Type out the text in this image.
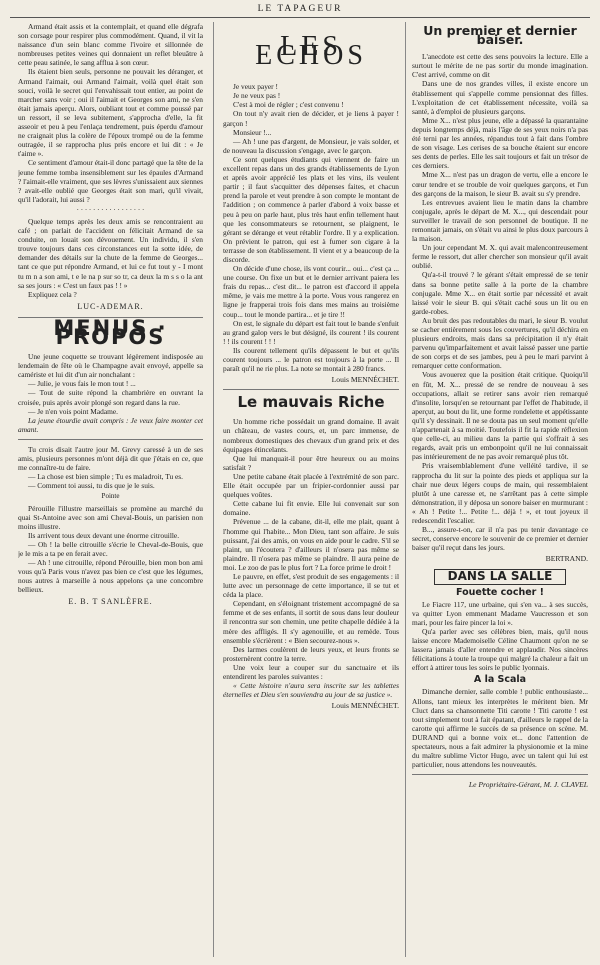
LE TAPAGEUR

Armand était assis et la contemplait, et quand elle dégrafa son corsage pour respirer plus commodément. Quand, il vit la naissance d'un sein blanc comme l'ivoire et sillonnée de nombreuses petites veines qui donnaient un reflet bleuâtre à cette peau satinée, le sang afflua à son cœur.

Ils étaient bien seuls, personne ne pouvait les déranger, et Armand l'aimait, oui Armand l'aimait, voilà quel était son souci, voilà le secret qui l'envahissait tout entier, au point de marcher sans voir ; oui il l'aimait et Georges son ami, ne s'en était jamais aperçu. Alors, oubliant tout et comme poussé par un ressort, il se leva subitement, s'approcha d'elle, la fit asseoir et peu à peu l'enlaça tendrement, puis éperdu d'amour ne craignait plus la colère de l'époux trompé ou de la femme outragée, il se rapprocha plus près encore et lui dit : « Je t'aime ».

Ce sentiment d'amour était-il donc partagé que la tête de la jeune femme tomba insensiblement sur les épaules d'Armand ? l'aimait-elle vraiment, que ses lèvres s'unissaient aux siennes ? avait-elle oublié que Georges était son mari, qu'il vivait, qu'il l'adorait, lui aussi ?

· · · · · · · · · · · · · · · · ·

Quelque temps après les deux amis se rencontraient au café ; on parlait de l'accident on félicitait Armand de sa conduite, on louait son dévouement. Un individu, il s'en trouve toujours dans ces circonstances eut la sotte idée, de demander des détails sur la chute de la femme de Georges... tant ce que put répondre Armand, et lui ce fut tout y - I mont tu m n a son ami, t e le na p sur so tr, ca deux la m s s o la ant sa ses jours : « C'est un faux pas ! ! »

Expliquez cela ?

LUC-ADEMAR.
MENUS · PROPOS

Une jeune coquette se trouvant légèrement indisposée au lendemain de fête où le Champagne avait envoyé, appelle sa camériste et lui dit d'un air nonchalant :

— Julie, je vous fais le mon tout ! ...

— Tout de suite répond la chambrière en ouvrant la croisée, puis après avoir plongé son regard dans la rue.

— Je n'en vois point Madame.

La jeune étourdie avait compris : Je veux faire monter cet amant.

Tu crois disait l'autre jour M. Grevy caressé à un de ses amis, plusieurs personnes m'ont déjà dit que j'étais en ce, que me connaître-tu de faire.

— La chose est bien simple ; Tu es maladroit, Tu es.

— Comment toi aussi, tu dis que je le suis.

Pointe

Pérouille l'illustre marseillais se promène au marché du quai St-Antoine avec son ami Cheval-Bouis, un parisien non moins illustre.

Ils arrivent tous deux devant une énorme citrouille.

— Oh ! la belle citrouille s'écrie le Cheval-de-Bouis, que je le mis a ta pe en ferait avec.

— Ah ! une citrouille, répond Pérouille, bien mon bon ami vous qu'à Paris vous n'avez pas bien ce c'est que les légumes, nous autres à marseille à nous appelons ça une concombre bellieux.

E. B. T SANLÈFRE.
LES ECHOS

Je veux payer !

Je ne veux pas !

C'est à moi de régler ; c'est convenu !

On tout n'y avait rien de décider, et je liens à payer ! garçon !

Monsieur !...

— Ah ! une pas d'argent, de Monsieur, je vais solder, et de nouveau la discussion s'engage, avec le garçon.

Ce sont quelques étudiants qui viennent de faire un excellent repas dans un des grands établissements de Lyon et après avoir apprécié les plats et les vins, ils veulent partir ; il faut s'acquitter des dépenses faites, et chacun prend la parole et veut prendre à son compte le montant de l'addition ; on commence à parler d'abord à voix basse et peu à peu on parle haut, plus très haut enfin tellement haut que les consommateurs se retournent, se plaignent, le gérant se dérange et veut rétablir l'ordre. Il y a explication. On prévient le patron, qui est à fumer son cigare à la terrasse de son établissement. Il vient et y a beaucoup de la discorde.

On décide d'une chose, ils vont courir... oui... c'est ça ... une course. On fixe un but et le dernier arrivant paiera les frais du repas... c'est dit... le patron est d'accord il appela même, je vais me mettre à la porte. Vous vous rangerez en ligne je frapperai trois fois dans mes mains au troisième coup... tout le monde partira... et je tire !!

On est, le signale du départ est fait tout le bande s'enfuit au grand galop vers le but désigné, ils courent ! ils courent ! ! ils courent ! ! !

Ils courent tellement qu'ils dépassent le but et qu'ils courent toujours ... le patron est toujours à la porte ... Il paraît qu'il ne rie plus. La note se montait à 280 francs.

Louis MENNÉCHET.
Le mauvais Riche

Un homme riche possédait un grand domaine. Il avait un château, de vastes cours, et, un parc immense, de nombreux domestiques des chevaux d'un grand prix et des équipages étincelants.

Que lui manquait-il pour être heureux ou au moins satisfait ?

Une petite cabane était placée à l'extrémité de son parc. Elle était occupée par un fripier-cordonnier aussi par quelques voûtes.

Cette cabane lui fit envie. Elle lui convenait sur son domaine.

Prévenue ... de la cabane, dit-il, elle me plait, quant à l'homme qui l'habite... Mon Dieu, tant son affaire. Je suis puissant, j'ai des amis, on vous en aide pour le cadre. S'il se plaint, un l'écoutera ? d'ailleurs il n'osera pas même se plaindre. Il n'osera pas même se plaindre. Il aura peine de moi. Le zoo de pas le plus fort ? La force prime le droit !

Le pauvre, en effet, s'est produit de ses engagements : il lutte avec un personnage de cette importance, il se tut et céda la place.

Cependant, en s'éloignant tristement accompagné de sa femme et de ses enfants, il sortit de sous dans leur douleur il rencontra sur son chemin, une petite chapelle dédiée à la mère des affligés. Il s'y agenouille, et au remède. Tous ensemble s'écrièrent : « Bien secourez-nous ».

Des larmes coulèrent de leurs yeux, et leurs fronts se prosternèrent contre la terre.

Une voix leur a couper sur du sanctuaire et ils entendirent les paroles suivantes :

« Cette histoire n'aura sera inscrite sur les tablettes éternelles et Dieu s'en souviendra au jour de sa justice ».

Louis MENNÉCHET.
Un premier et dernier baiser.

L'anecdote est cette des sens pouvoirs la lecture. Elle a surtout le mérite de ne pas sortir du monde imagination. C'est arrivé, comme on dit

Dans une de nos grandes villes, il existe encore un établissement qui s'appelle comme pensionnat des filles. L'exploitation de cet établissement nécessite, voilà sa santé, à d'emploi de plusieurs garçons.

Mme X... n'est plus jeune, elle a dépassé la quarantaine depuis longtemps déjà, mais l'âge de ses yeux noirs n'a pas été terni par les années, répandus tout à fait dans l'ombre de son visage. Les cerises de sa bouche étaient sur encore ses dents de perles. Elle les sait toujours et fait un trésor de ces derniers.

Mme X... n'est pas un dragon de vertu, elle a encore le cœur tendre et se trouble de voir quelques garçons, et l'un des garçons de la maison, le sieur B. avait su s'y prendre.

Les entrevues avaient lieu le matin dans la chambre conjugale, après le départ de M. X..., qui descendait pour surveiller le travail de son personnel de boutique. Il ne remontait jamais, on s'était vu ainsi le plus doux parcours à la maison.

Un jour cependant M. X. qui avait malencontreusement ferme le ressort, dut aller chercher son monsieur qu'il avait oublié.

Qu'a-t-il trouvé ? le gérant s'était empressé de se tenir dans sa bonne petite salle à la porte de la chambre conjugale. Mme X... en était sortie par nécessité et avait laissé voir le sieur B. qui s'était caché sous un lit ou en garde-robes.

Au bruit des pas redoutables du mari, le sieur B. voulut se cacher entièrement sous les couvertures, qu'il déchira en plusieurs endroits, mais dans sa précipitation il n'y était parvenu qu'imparfaitement et avait laissé passer une partie de son corps et de ses jambes, peu à peu le mari parvint à remarquer cette conformation.

Vous avouerez que la position était critique. Quoiqu'il en fût, M. X... pressé de se rendre de nouveau à ses occupations, allait se retirer sans avoir rien remarqué d'insolite, lorsqu'en se retournant par l'effet de l'habitude, il aperçut, au bout du lit, une forme rondelette et appétissante qu'il s'y dessinait. Il ne se douta pas un seul moment qu'elle n'appartenait à sa moitié. Toutefois il fit la rapide réflexion que celle-ci, au milieu dans la partie qui s'offrait à ses regards, avait pris un embonpoint qu'il ne lui connaissait pas intérieurement de ne pas avoir remarqué plus tôt.

Pris vraisemblablement d'une velléité tardive, il se rapprocha du lit sur la pointe des pieds et appliqua sur la chair nue deux légers coups de main, qui ressemblaient plutôt à une caresse et, ne s'arrêtant pas à cette simple démonstration, il y déposa un sonore baiser en murmurant : « Ah ! Petite !... Petite !... déjà ! », et tout joyeux il redescendit l'escalier.

B..., assure-t-on, car il n'a pas pu tenir davantage ce secret, conserve encore le souvenir de ce premier et dernier baiser qu'il reçut dans les jours.

BERTRAND.
DANS LA SALLE
Fouette cocher !

Le Fiacre 117, une urbaine, qui s'en va... à ses succès, va quitter Lyon emmenant Madame Vaucresson et son mari, pour les faire pincer la loi ».

Qu'a parler avec ses célèbres bien, mais, qu'il nous laisse encore Mademoiselle Céline Chaumont qu'on ne se lassera jamais d'aller entendre et applaudir. Nos sincères félicitations à toute la troupe qui malgré la chaleur a fait un effort à attirer tous les soirs le public lyonnais.

A la Scala

Dimanche dernier, salle comble ! public enthousiaste... Allons, tant mieux les interprètes le méritent bien. Mr Cluct dans sa chansonnette Titi carotte ! Titi carotte ! est tout simplement tout à fait épatant, d'ailleurs le rappel de la carotte qui affirme le succès de sa présence on scène. M. DURAND qui a bonne voix et... donc l'attention de spectateurs, nous a fait admirer la physionomie et la mine du maître sublime Victor Hugo, avec un talent qui lui est particulier, nous attendons les nouveautés.

Le Propriétaire-Gérant, M. J. CLAVEL
